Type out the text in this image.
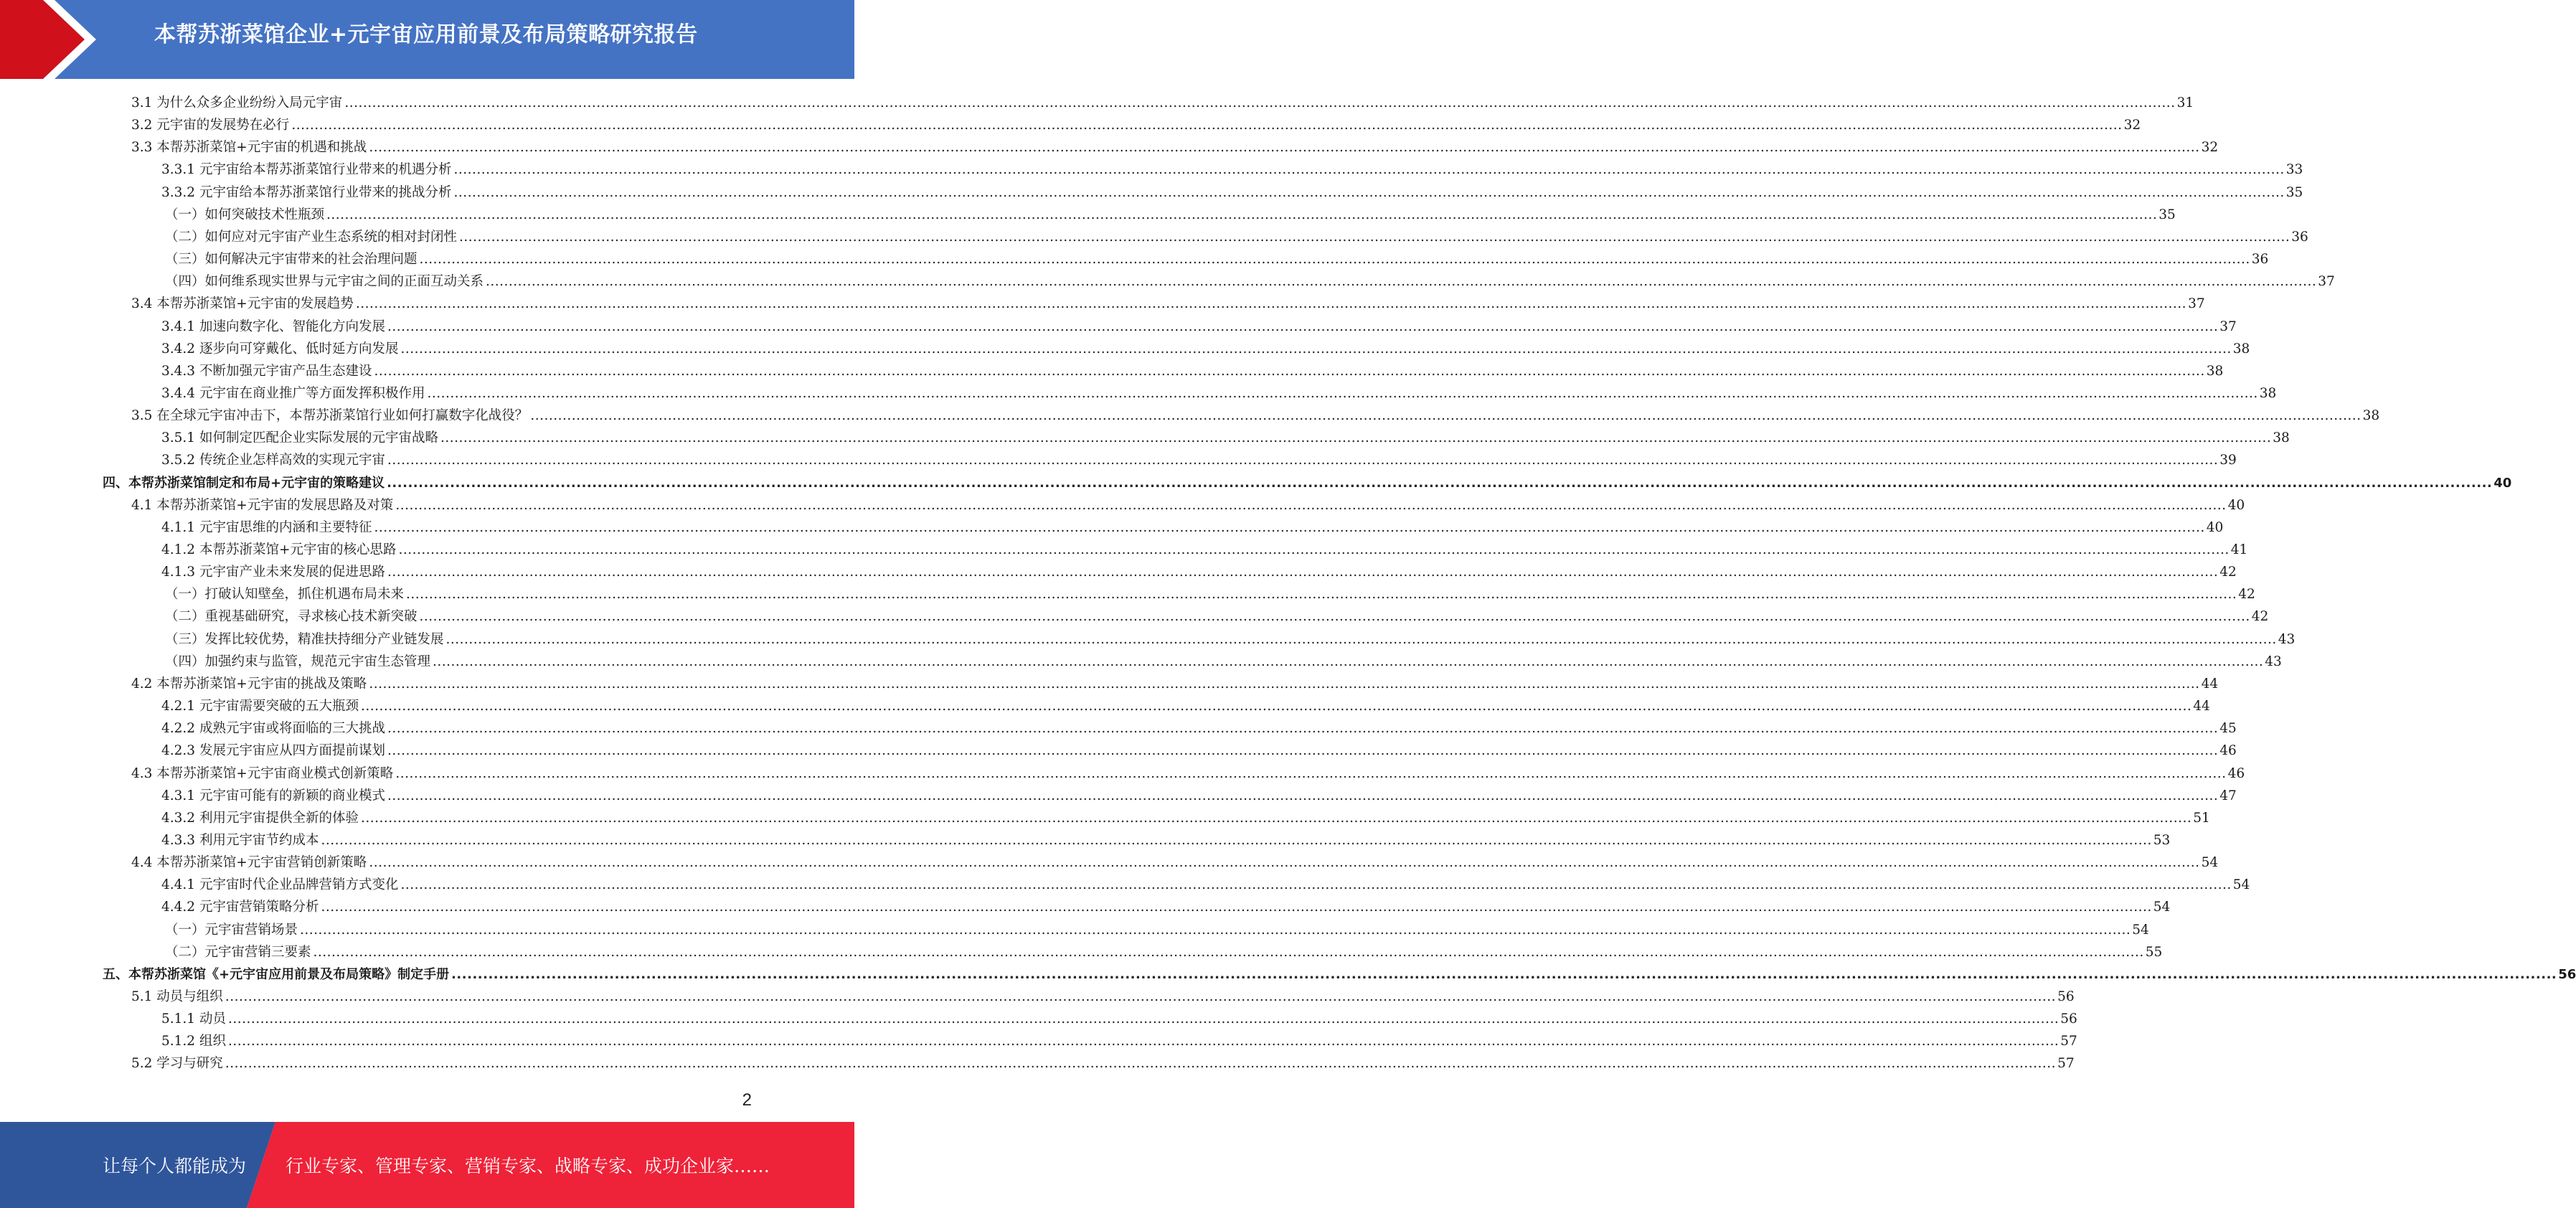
本帮苏浙菜馆企业+元宇宙应用前景及布局策略研究报告
3.1 为什么众多企业纷纷入局元宇宙 ................................................................................................................................................................................................................................................................................................................................................................................................................ 31
3.2 元宇宙的发展势在必行 ................................................................................................................................................................................................................................................................................................................................................................................................................ 32
3.3 本帮苏浙菜馆+元宇宙的机遇和挑战 ................................................................................................................................................................................................................................................................................................................................................................................................................ 32
3.3.1 元宇宙给本帮苏浙菜馆行业带来的机遇分析 ................................................................................................................................................................................................................................................................................................................................................................................................................ 33
3.3.2 元宇宙给本帮苏浙菜馆行业带来的挑战分析 ................................................................................................................................................................................................................................................................................................................................................................................................................ 35
（一）如何突破技术性瓶颈 ................................................................................................................................................................................................................................................................................................................................................................................................................ 35
（二）如何应对元宇宙产业生态系统的相对封闭性 ................................................................................................................................................................................................................................................................................................................................................................................................................ 36
（三）如何解决元宇宙带来的社会治理问题 ................................................................................................................................................................................................................................................................................................................................................................................................................ 36
（四）如何维系现实世界与元宇宙之间的正面互动关系 ................................................................................................................................................................................................................................................................................................................................................................................................................ 37
3.4 本帮苏浙菜馆+元宇宙的发展趋势 ................................................................................................................................................................................................................................................................................................................................................................................................................ 37
3.4.1 加速向数字化、智能化方向发展 ................................................................................................................................................................................................................................................................................................................................................................................................................ 37
3.4.2 逐步向可穿戴化、低时延方向发展 ................................................................................................................................................................................................................................................................................................................................................................................................................ 38
3.4.3 不断加强元宇宙产品生态建设 ................................................................................................................................................................................................................................................................................................................................................................................................................ 38
3.4.4 元宇宙在商业推广等方面发挥积极作用 ................................................................................................................................................................................................................................................................................................................................................................................................................ 38
3.5 在全球元宇宙冲击下，本帮苏浙菜馆行业如何打赢数字化战役？ ................................................................................................................................................................................................................................................................................................................................................................................................................ 38
3.5.1 如何制定匹配企业实际发展的元宇宙战略 ................................................................................................................................................................................................................................................................................................................................................................................................................ 38
3.5.2 传统企业怎样高效的实现元宇宙 ................................................................................................................................................................................................................................................................................................................................................................................................................ 39
四、本帮苏浙菜馆制定和布局+元宇宙的策略建议 ................................................................................................................................................................................................................................................................................................................................................................................................................ 40
4.1 本帮苏浙菜馆+元宇宙的发展思路及对策 ................................................................................................................................................................................................................................................................................................................................................................................................................ 40
4.1.1 元宇宙思维的内涵和主要特征 ................................................................................................................................................................................................................................................................................................................................................................................................................ 40
4.1.2 本帮苏浙菜馆+元宇宙的核心思路 ................................................................................................................................................................................................................................................................................................................................................................................................................ 41
4.1.3 元宇宙产业未来发展的促进思路 ................................................................................................................................................................................................................................................................................................................................................................................................................ 42
（一）打破认知壁垒，抓住机遇布局未来 ................................................................................................................................................................................................................................................................................................................................................................................................................ 42
（二）重视基础研究，寻求核心技术新突破 ................................................................................................................................................................................................................................................................................................................................................................................................................ 42
（三）发挥比较优势，精准扶持细分产业链发展 ................................................................................................................................................................................................................................................................................................................................................................................................................ 43
（四）加强约束与监管，规范元宇宙生态管理 ................................................................................................................................................................................................................................................................................................................................................................................................................ 43
4.2 本帮苏浙菜馆+元宇宙的挑战及策略 ................................................................................................................................................................................................................................................................................................................................................................................................................ 44
4.2.1 元宇宙需要突破的五大瓶颈 ................................................................................................................................................................................................................................................................................................................................................................................................................ 44
4.2.2 成熟元宇宙或将面临的三大挑战 ................................................................................................................................................................................................................................................................................................................................................................................................................ 45
4.2.3 发展元宇宙应从四方面提前谋划 ................................................................................................................................................................................................................................................................................................................................................................................................................ 46
4.3 本帮苏浙菜馆+元宇宙商业模式创新策略 ................................................................................................................................................................................................................................................................................................................................................................................................................ 46
4.3.1 元宇宙可能有的新颖的商业模式 ................................................................................................................................................................................................................................................................................................................................................................................................................ 47
4.3.2 利用元宇宙提供全新的体验 ................................................................................................................................................................................................................................................................................................................................................................................................................ 51
4.3.3 利用元宇宙节约成本 ................................................................................................................................................................................................................................................................................................................................................................................................................ 53
4.4 本帮苏浙菜馆+元宇宙营销创新策略 ................................................................................................................................................................................................................................................................................................................................................................................................................ 54
4.4.1 元宇宙时代企业品牌营销方式变化 ................................................................................................................................................................................................................................................................................................................................................................................................................ 54
4.4.2 元宇宙营销策略分析 ................................................................................................................................................................................................................................................................................................................................................................................................................ 54
（一）元宇宙营销场景 ................................................................................................................................................................................................................................................................................................................................................................................................................ 54
（二）元宇宙营销三要素 ................................................................................................................................................................................................................................................................................................................................................................................................................ 55
五、本帮苏浙菜馆《+元宇宙应用前景及布局策略》制定手册 ................................................................................................................................................................................................................................................................................................................................................................................................................ 56
5.1 动员与组织 ................................................................................................................................................................................................................................................................................................................................................................................................................ 56
5.1.1 动员 ................................................................................................................................................................................................................................................................................................................................................................................................................ 56
5.1.2 组织 ................................................................................................................................................................................................................................................................................................................................................................................................................ 57
5.2 学习与研究 ................................................................................................................................................................................................................................................................................................................................................................................................................ 57
2
让每个人都能成为 行业专家、管理专家、营销专家、战略专家、成功企业家……
